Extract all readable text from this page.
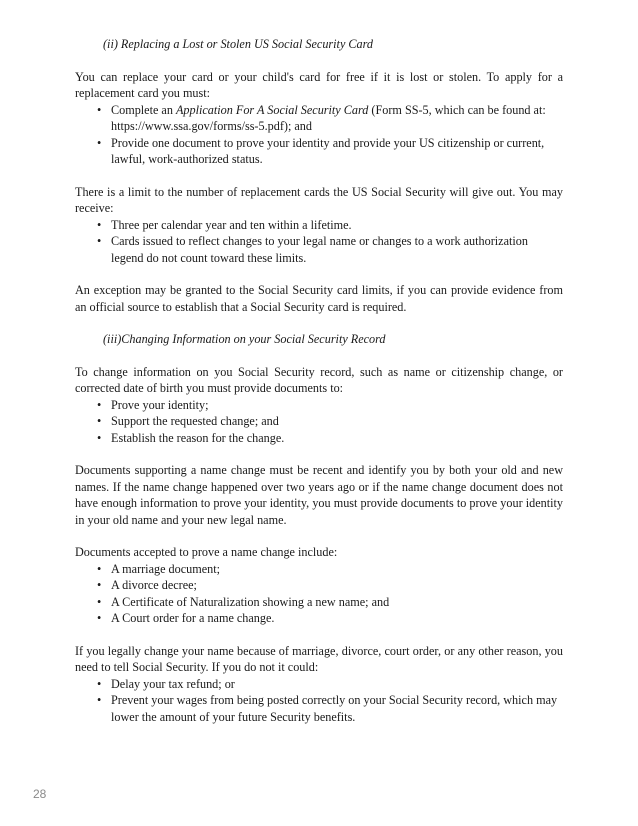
(ii) Replacing a Lost or Stolen US Social Security Card

You can replace your card or your child's card for free if it is lost or stolen. To apply for a replacement card you must:

• Complete an Application For A Social Security Card (Form SS-5, which can be found at: https://www.ssa.gov/forms/ss-5.pdf); and
• Provide one document to prove your identity and provide your US citizenship or current, lawful, work-authorized status.

There is a limit to the number of replacement cards the US Social Security will give out. You may receive:

• Three per calendar year and ten within a lifetime.
• Cards issued to reflect changes to your legal name or changes to a work authorization legend do not count toward these limits.

An exception may be granted to the Social Security card limits, if you can provide evidence from an official source to establish that a Social Security card is required.

(iii)Changing Information on your Social Security Record

To change information on you Social Security record, such as name or citizenship change, or corrected date of birth you must provide documents to:

• Prove your identity;
• Support the requested change; and
• Establish the reason for the change.

Documents supporting a name change must be recent and identify you by both your old and new names. If the name change happened over two years ago or if the name change document does not have enough information to prove your identity, you must provide documents to prove your identity in your old name and your new legal name.

Documents accepted to prove a name change include:

• A marriage document;
• A divorce decree;
• A Certificate of Naturalization showing a new name; and
• A Court order for a name change.

If you legally change your name because of marriage, divorce, court order, or any other reason, you need to tell Social Security. If you do not it could:

• Delay your tax refund; or
• Prevent your wages from being posted correctly on your Social Security record, which may lower the amount of your future Security benefits.
28
